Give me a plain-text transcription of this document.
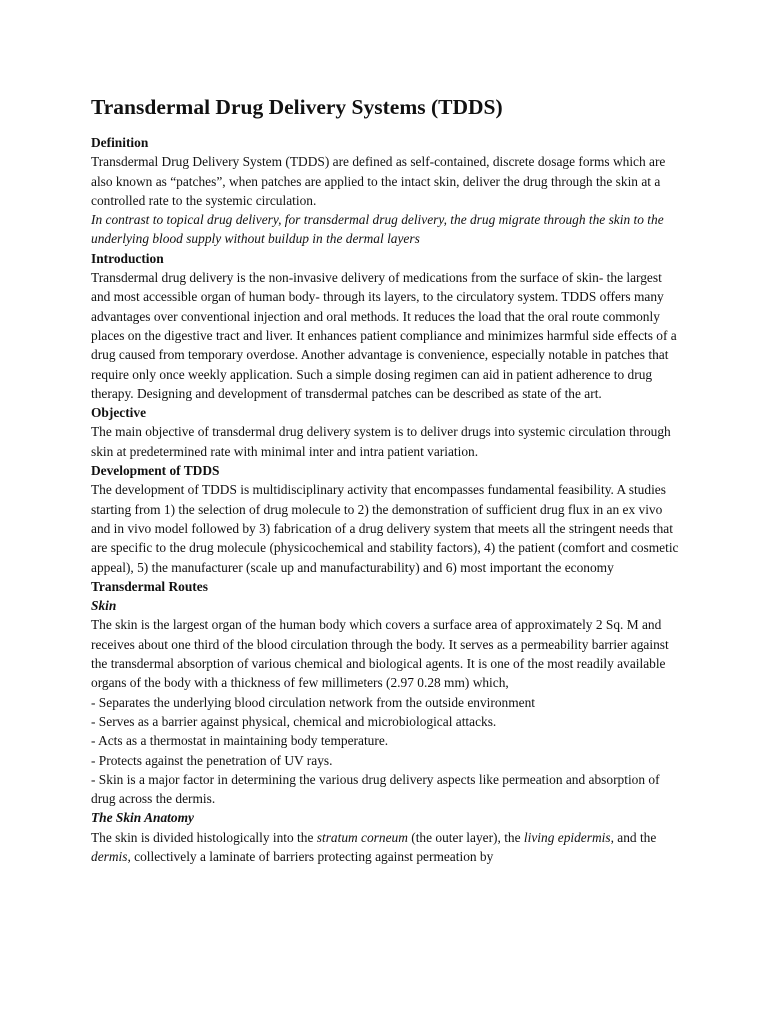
Transdermal Drug Delivery Systems (TDDS)
Definition

Transdermal Drug Delivery System (TDDS) are defined as self-contained, discrete dosage forms which are also known as “patches”, when patches are applied to the intact skin, deliver the drug through the skin at a controlled rate to the systemic circulation.

In contrast to topical drug delivery, for transdermal drug delivery, the drug migrate through the skin to the underlying blood supply without buildup in the dermal layers

Introduction

Transdermal drug delivery is the non-invasive delivery of medications from the surface of skin- the largest and most accessible organ of human body- through its layers, to the circulatory system. TDDS offers many advantages over conventional injection and oral methods. It reduces the load that the oral route commonly places on the digestive tract and liver. It enhances patient compliance and minimizes harmful side effects of a drug caused from temporary overdose. Another advantage is convenience, especially notable in patches that require only once weekly application. Such a simple dosing regimen can aid in patient adherence to drug therapy. Designing and development of transdermal patches can be described as state of the art.

Objective

The main objective of transdermal drug delivery system is to deliver drugs into systemic circulation through skin at predetermined rate with minimal inter and intra patient variation.

Development of TDDS

The development of TDDS is multidisciplinary activity that encompasses fundamental feasibility. A studies starting from 1) the selection of drug molecule to 2) the demonstration of sufficient drug flux in an ex vivo and in vivo model followed by 3) fabrication of a drug delivery system that meets all the stringent needs that are specific to the drug molecule (physicochemical and stability factors), 4) the patient (comfort and cosmetic appeal), 5) the manufacturer (scale up and manufacturability) and 6) most important the economy

Transdermal Routes
Skin

The skin is the largest organ of the human body which covers a surface area of approximately 2 Sq. M and receives about one third of the blood circulation through the body. It serves as a permeability barrier against the transdermal absorption of various chemical and biological agents. It is one of the most readily available organs of the body with a thickness of few millimeters (2.97 0.28 mm) which,

- Separates the underlying blood circulation network from the outside environment

- Serves as a barrier against physical, chemical and microbiological attacks.

- Acts as a thermostat in maintaining body temperature.

- Protects against the penetration of UV rays.

- Skin is a major factor in determining the various drug delivery aspects like permeation and absorption of drug across the dermis.

The Skin Anatomy

The skin is divided histologically into the stratum corneum (the outer layer), the living epidermis, and the dermis, collectively a laminate of barriers protecting against permeation by
